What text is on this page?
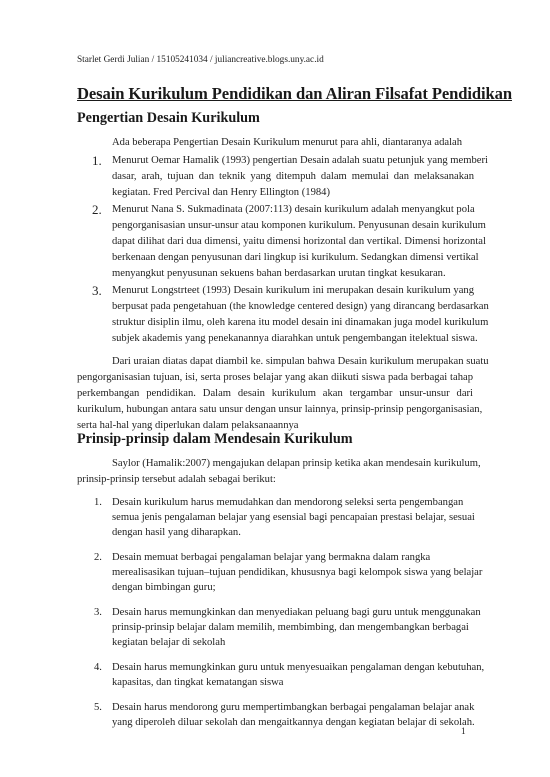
Starlet Gerdi Julian / 15105241034 / juliancreative.blogs.uny.ac.id
Desain Kurikulum Pendidikan dan Aliran Filsafat Pendidikan
Pengertian Desain Kurikulum
Ada beberapa Pengertian Desain Kurikulum menurut para ahli, diantaranya adalah
1. Menurut Oemar Hamalik (1993) pengertian Desain adalah suatu petunjuk yang memberi
dasar, arah, tujuan dan teknik yang ditempuh dalam memulai dan melaksanakan
kegiatan. Fred Percival dan Henry Ellington (1984)
2. Menurut Nana S. Sukmadinata (2007:113) desain kurikulum adalah menyangkut pola
pengorganisasian unsur-unsur atau komponen kurikulum. Penyusunan desain kurikulum
dapat dilihat dari dua dimensi, yaitu dimensi horizontal dan vertikal. Dimensi horizontal
berkenaan dengan penyusunan dari lingkup isi kurikulum. Sedangkan dimensi vertikal
menyangkut penyusunan sekuens bahan berdasarkan urutan tingkat kesukaran.
3. Menurut Longstrteet (1993) Desain kurikulum ini merupakan desain kurikulum yang
berpusat pada pengetahuan (the knowledge centered design) yang dirancang berdasarkan
struktur disiplin ilmu, oleh karena itu model desain ini dinamakan juga model kurikulum
subjek akademis yang penekanannya diarahkan untuk pengembangan itelektual siswa.
Dari uraian diatas dapat diambil ke. simpulan bahwa Desain kurikulum merupakan suatu
pengorganisasian tujuan, isi, serta proses belajar yang akan diikuti siswa pada berbagai tahap
perkembangan pendidikan. Dalam desain kurikulum akan tergambar unsur-unsur dari
kurikulum, hubungan antara satu unsur dengan unsur lainnya, prinsip-prinsip pengorganisasian,
serta hal-hal yang diperlukan dalam pelaksanaannya
Prinsip-prinsip dalam Mendesain Kurikulum
Saylor (Hamalik:2007) mengajukan delapan prinsip ketika akan mendesain kurikulum,
prinsip-prinsip tersebut adalah sebagai berikut:
1. Desain kurikulum harus memudahkan dan mendorong seleksi serta pengembangan
semua jenis pengalaman belajar yang esensial bagi pencapaian prestasi belajar, sesuai
dengan hasil yang diharapkan.
2. Desain memuat berbagai pengalaman belajar yang bermakna dalam rangka
merealisasikan tujuan–tujuan pendidikan, khususnya bagi kelompok siswa yang belajar
dengan bimbingan guru;
3. Desain harus memungkinkan dan menyediakan peluang bagi guru untuk menggunakan
prinsip-prinsip belajar dalam memilih, membimbing, dan mengembangkan berbagai
kegiatan belajar di sekolah
4. Desain harus memungkinkan guru untuk menyesuaikan pengalaman dengan kebutuhan,
kapasitas, dan tingkat kematangan siswa
5. Desain harus mendorong guru mempertimbangkan berbagai pengalaman belajar anak
yang diperoleh diluar sekolah dan mengaitkannya dengan kegiatan belajar di sekolah.
1
